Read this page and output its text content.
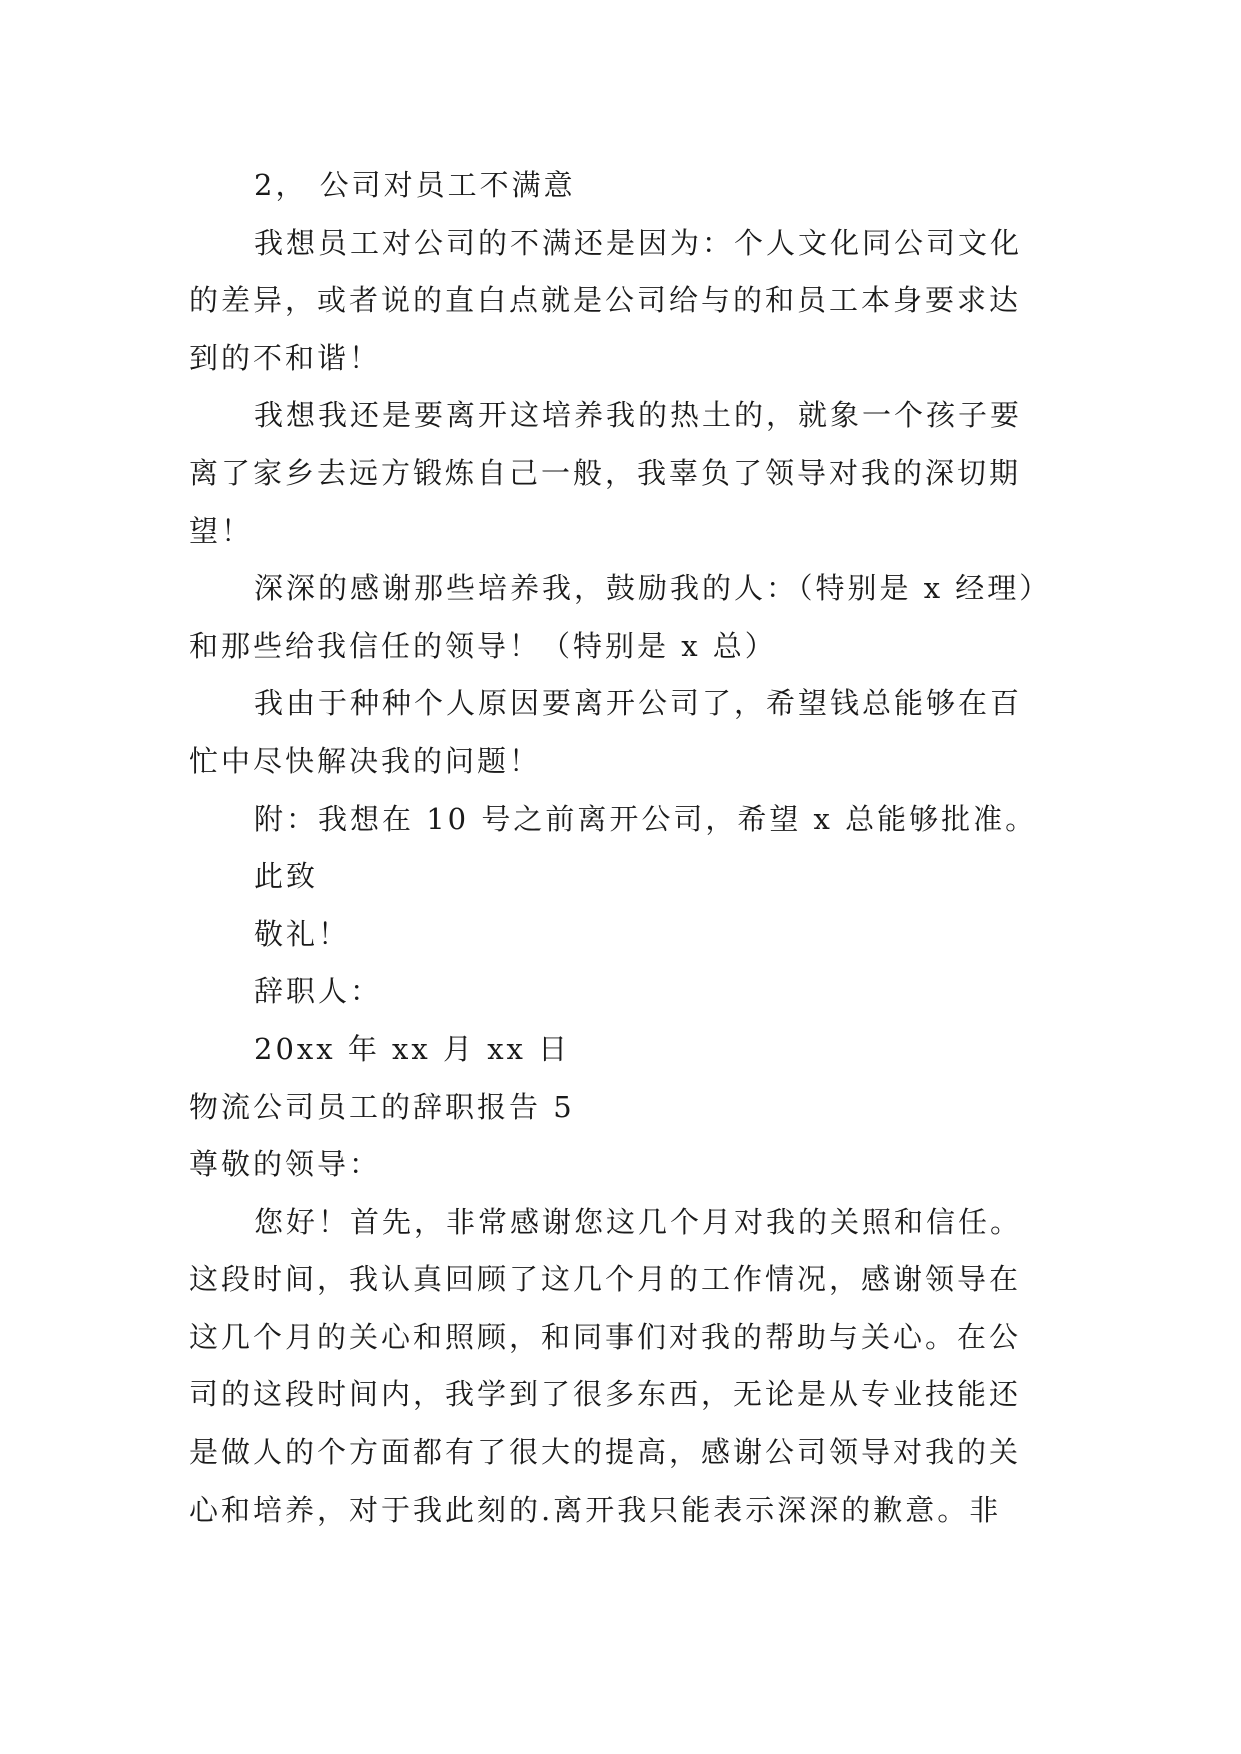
2， 公司对员工不满意
我想员工对公司的不满还是因为：个人文化同公司文化
的差异，或者说的直白点就是公司给与的和员工本身要求达
到的不和谐！
我想我还是要离开这培养我的热土的，就象一个孩子要
离了家乡去远方锻炼自己一般，我辜负了领导对我的深切期
望！
深深的感谢那些培养我，鼓励我的人：（特别是 x 经理）
和那些给我信任的领导！（特别是 x 总）
我由于种种个人原因要离开公司了，希望钱总能够在百
忙中尽快解决我的问题！
附：我想在 10 号之前离开公司，希望 x 总能够批准。
此致
敬礼！
辞职人：
20xx 年 xx 月 xx 日
物流公司员工的辞职报告 5
尊敬的领导：
您好！首先，非常感谢您这几个月对我的关照和信任。
这段时间，我认真回顾了这几个月的工作情况，感谢领导在
这几个月的关心和照顾，和同事们对我的帮助与关心。在公
司的这段时间内，我学到了很多东西，无论是从专业技能还
是做人的个方面都有了很大的提高，感谢公司领导对我的关
心和培养，对于我此刻的.离开我只能表示深深的歉意。非
